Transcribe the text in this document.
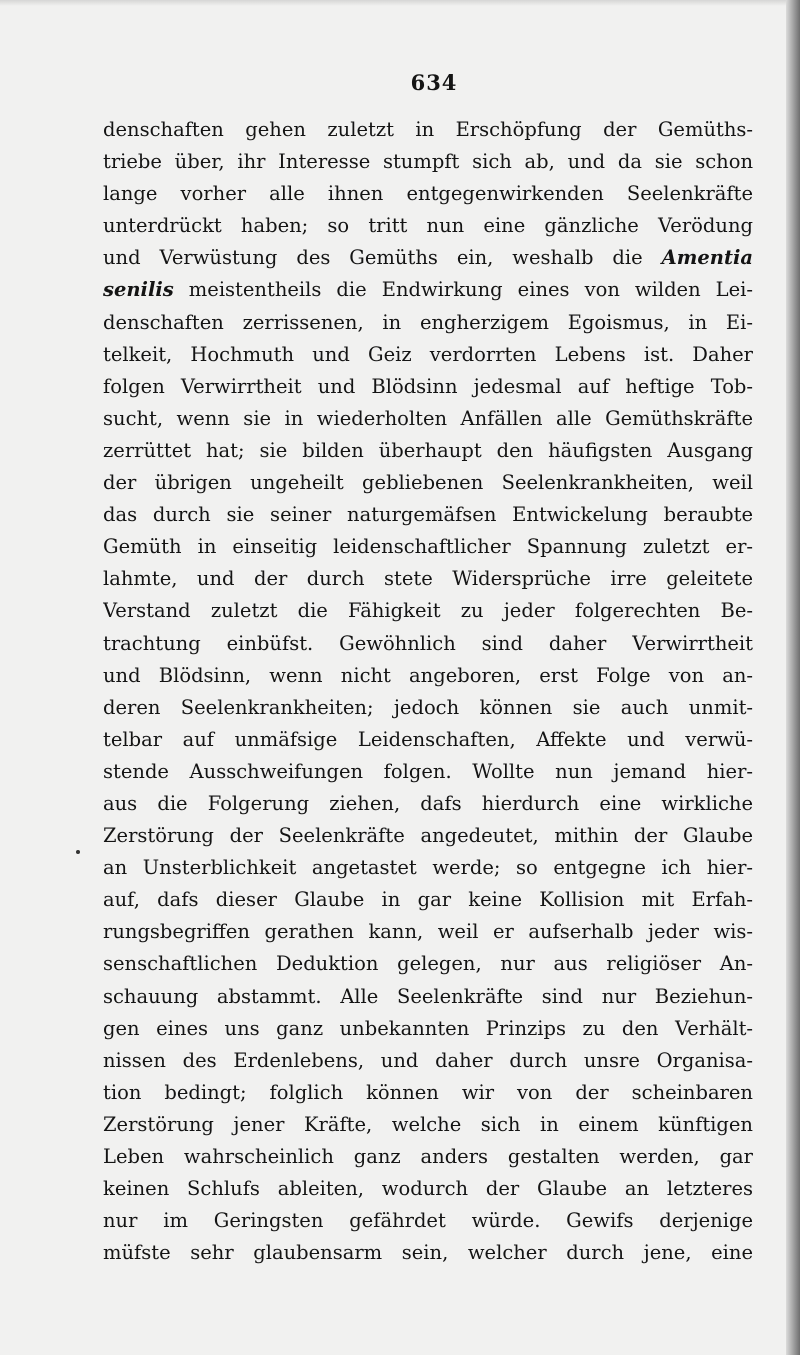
634
denschaften gehen zuletzt in Erschöpfung der Gemüths-
triebe über, ihr Interesse stumpft sich ab, und da sie schon
lange vorher alle ihnen entgegenwirkenden Seelenkräfte
unterdrückt haben; so tritt nun eine gänzliche Verödung
und Verwüstung des Gemüths ein, weshalb die Amentia
senilis meistentheils die Endwirkung eines von wilden Lei-
denschaften zerrissenen, in engherzigem Egoismus, in Ei-
telkeit, Hochmuth und Geiz verdorrten Lebens ist. Daher
folgen Verwirrtheit und Blödsinn jedesmal auf heftige Tob-
sucht, wenn sie in wiederholten Anfällen alle Gemüthskräfte
zerrüttet hat; sie bilden überhaupt den häufigsten Ausgang
der übrigen ungeheilt gebliebenen Seelenkrankheiten, weil
das durch sie seiner naturgemäfsen Entwickelung beraubte
Gemüth in einseitig leidenschaftlicher Spannung zuletzt er-
lahmte, und der durch stete Widersprüche irre geleitete
Verstand zuletzt die Fähigkeit zu jeder folgerechten Be-
trachtung einbüfst. Gewöhnlich sind daher Verwirrtheit
und Blödsinn, wenn nicht angeboren, erst Folge von an-
deren Seelenkrankheiten; jedoch können sie auch unmit-
telbar auf unmäfsige Leidenschaften, Affekte und verwü-
stende Ausschweifungen folgen. Wollte nun jemand hier-
aus die Folgerung ziehen, dafs hierdurch eine wirkliche
Zerstörung der Seelenkräfte angedeutet, mithin der Glaube
an Unsterblichkeit angetastet werde; so entgegne ich hier-
auf, dafs dieser Glaube in gar keine Kollision mit Erfah-
rungsbegriffen gerathen kann, weil er aufserhalb jeder wis-
senschaftlichen Deduktion gelegen, nur aus religiöser An-
schauung abstammt. Alle Seelenkräfte sind nur Beziehun-
gen eines uns ganz unbekannten Prinzips zu den Verhält-
nissen des Erdenlebens, und daher durch unsre Organisa-
tion bedingt; folglich können wir von der scheinbaren
Zerstörung jener Kräfte, welche sich in einem künftigen
Leben wahrscheinlich ganz anders gestalten werden, gar
keinen Schlufs ableiten, wodurch der Glaube an letzteres
nur im Geringsten gefährdet würde. Gewifs derjenige
müfste sehr glaubensarm sein, welcher durch jene, eine
